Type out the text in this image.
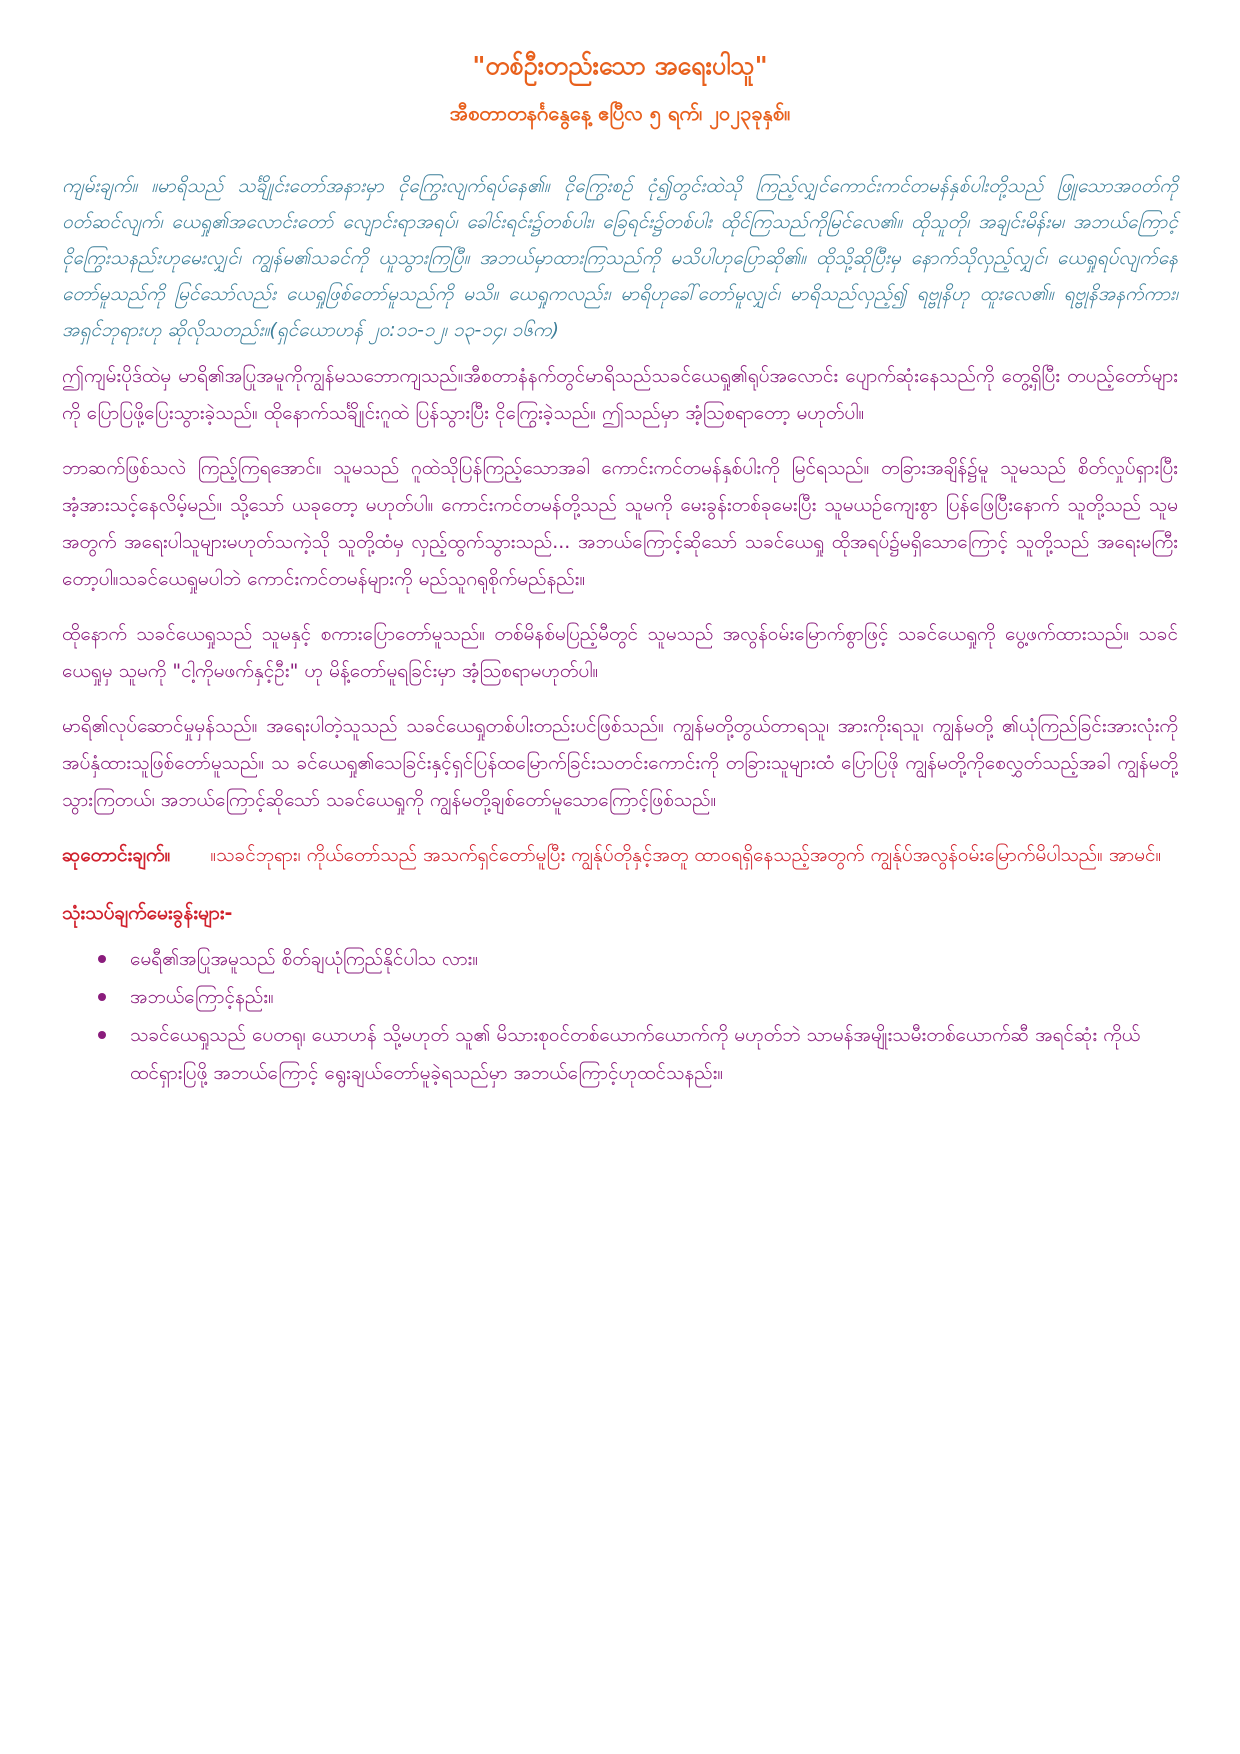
"တစ်ဦးတည်းသော အရေးပါသူ"
အီစတာတနင်္ဂနွေနေ့ ဧပြီလ ၅ ရက်၊ ၂၀၂၃ခုနှစ်။

ကျမ်းချက်။ ။မာရိသည် သင်္ချိုင်းတော်အနားမှာ ငိုကြွေးလျက်ရပ်နေ၏။ ငိုကြွေးစဉ် ငုံ၍တွင်းထဲသို ကြည့်လျှင်ကောင်းကင်တမန်နှစ်ပါးတို့သည် ဖြူသောအဝတ်ကိုဝတ်ဆင်လျက်၊ ယေရှု၏အလောင်းတော် လျောင်းရာအရပ်၊ ခေါင်းရင်း၌တစ်ပါး၊ ခြေရင်း၌တစ်ပါး ထိုင်ကြသည်ကိုမြင်လေ၏။ ထိုသူတို၊ အချင်းမိန်းမ၊ အဘယ်ကြောင့် ငိုကြွေးသနည်းဟုမေးလျှင်၊ ကျွန်မ၏သခင်ကို ယူသွားကြပြီ။ အဘယ်မှာထားကြသည်ကို မသိပါဟုပြောဆို၏။ ထိုသို့ဆိုပြီးမှ နောက်သိုလှည့်လျှင်၊ ယေရှုရပ်လျက်နေတော်မူသည်ကို မြင်သော်လည်း ယေရှုဖြစ်တော်မူသည်ကို မသိ။ ယေရှုကလည်း၊ မာရိဟုခေါ်တော်မူလျှင်၊ မာရိသည်လှည့်၍ ရဗ္ဗုနိဟု ထူးလေ၏။ ရဗ္ဗုနိအနက်ကား၊ အရှင်ဘုရားဟု ဆိုလိုသတည်း။(ရှင်ယောဟန် ၂၀:၁၁-၁၂၊ ၁၃-၁၄၊ ၁၆က)

ဤကျမ်းပိုဒ်ထဲမှ မာရိ၏အပြုအမူကိုကျွန်မသဘောကျသည်။အီစတာနံနက်တွင်မာရိသည်သခင်ယေရှု၏ရုပ်အလောင်း ပျောက်ဆုံးနေသည်ကို တွေ့ရှိပြီး တပည့်တော်များကို ပြောပြဖို့ပြေးသွားခဲ့သည်။ ထိုနောက်သင်္ချိုင်းဂူထဲ ပြန်သွားပြီး ငိုကြွေးခဲ့သည်။ ဤသည်မှာ အံ့သြစရာတော့ မဟုတ်ပါ။

ဘာဆက်ဖြစ်သလဲ ကြည့်ကြရအောင်။ သူမသည် ဂူထဲသိုပြန်ကြည့်သောအခါ ကောင်းကင်တမန်နှစ်ပါးကို မြင်ရသည်။ တခြားအချိန်၌မူ သူမသည် စိတ်လှုပ်ရှားပြီး အံ့အားသင့်နေလိမ့်မည်။ သို့သော် ယခုတော့ မဟုတ်ပါ။ ကောင်းကင်တမန်တို့သည် သူမကို မေးခွန်းတစ်ခုမေးပြီး သူမယဉ်ကျေးစွာ ပြန်ဖြေပြီးနောက် သူတို့သည် သူမအတွက် အရေးပါသူများမဟုတ်သကဲ့သို သူတို့ထံမှ လှည့်ထွက်သွားသည်... အဘယ်ကြောင့်ဆိုသော် သခင်ယေရှု ထိုအရပ်၌မရှိသောကြောင့် သူတို့သည် အရေးမကြီးတော့ပါ။သခင်ယေရှုမပါဘဲ ကောင်းကင်တမန်များကို မည်သူဂရုစိုက်မည်နည်း။

ထိုနောက် သခင်ယေရှုသည် သူမနှင့် စကားပြောတော်မူသည်။ တစ်မိနစ်မပြည့်မီတွင် သူမသည် အလွန်ဝမ်းမြောက်စွာဖြင့် သခင်ယေရှုကို ပွေ့ဖက်ထားသည်။ သခင်ယေရှုမှ သူမကို "ငါ့ကိုမဖက်နှင့်ဦး" ဟု မိန့်တော်မူရခြင်းမှာ အံ့သြစရာမဟုတ်ပါ။

မာရိ၏လုပ်ဆောင်မှုမှန်သည်။ အရေးပါတဲ့သူသည် သခင်ယေရှုတစ်ပါးတည်းပင်ဖြစ်သည်။ ကျွန်မတို့တွယ်တာရသူ၊ အားကိုးရသူ၊ ကျွန်မတို့ ၏ယုံကြည်ခြင်းအားလုံးကို အပ်နှံထားသူဖြစ်တော်မူသည်။ သ ခင်ယေရှု၏သေခြင်းနှင့်ရှင်ပြန်ထမြောက်ခြင်းသတင်းကောင်းကို တခြားသူများထံ ပြောပြဖို ကျွန်မတို့ကိုစေလွှတ်သည့်အခါ ကျွန်မတို့သွားကြတယ်၊ အဘယ်ကြောင့်ဆိုသော် သခင်ယေရှုကို ကျွန်မတို့ချစ်တော်မူသောကြောင့်ဖြစ်သည်။

ဆုတောင်းချက်။ ။သခင်ဘုရား၊ ကိုယ်တော်သည် အသက်ရှင်တော်မူပြီး ကျွန်ုပ်တိုနှင့်အတူ ထာဝရရှိနေသည့်အတွက် ကျွန်ုပ်အလွန်ဝမ်းမြောက်မိပါသည်။ အာမင်။

သုံးသပ်ချက်မေးခွန်းများ-
မေရီ၏အပြုအမူသည် စိတ်ချယုံကြည်နိုင်ပါသ လား။
အဘယ်ကြောင့်နည်း။
သခင်ယေရှုသည် ပေတရု၊ ယောဟန် သို့မဟုတ် သူ၏ မိသားစုဝင်တစ်ယောက်ယောက်ကို မဟုတ်ဘဲ သာမန်အမျိုးသမီးတစ်ယောက်ဆီ အရင်ဆုံး ကိုယ်ထင်ရှားပြဖို့ အဘယ်ကြောင့် ရွေးချယ်တော်မူခဲ့ရသည်မှာ အဘယ်ကြောင့်ဟုထင်သနည်း။
